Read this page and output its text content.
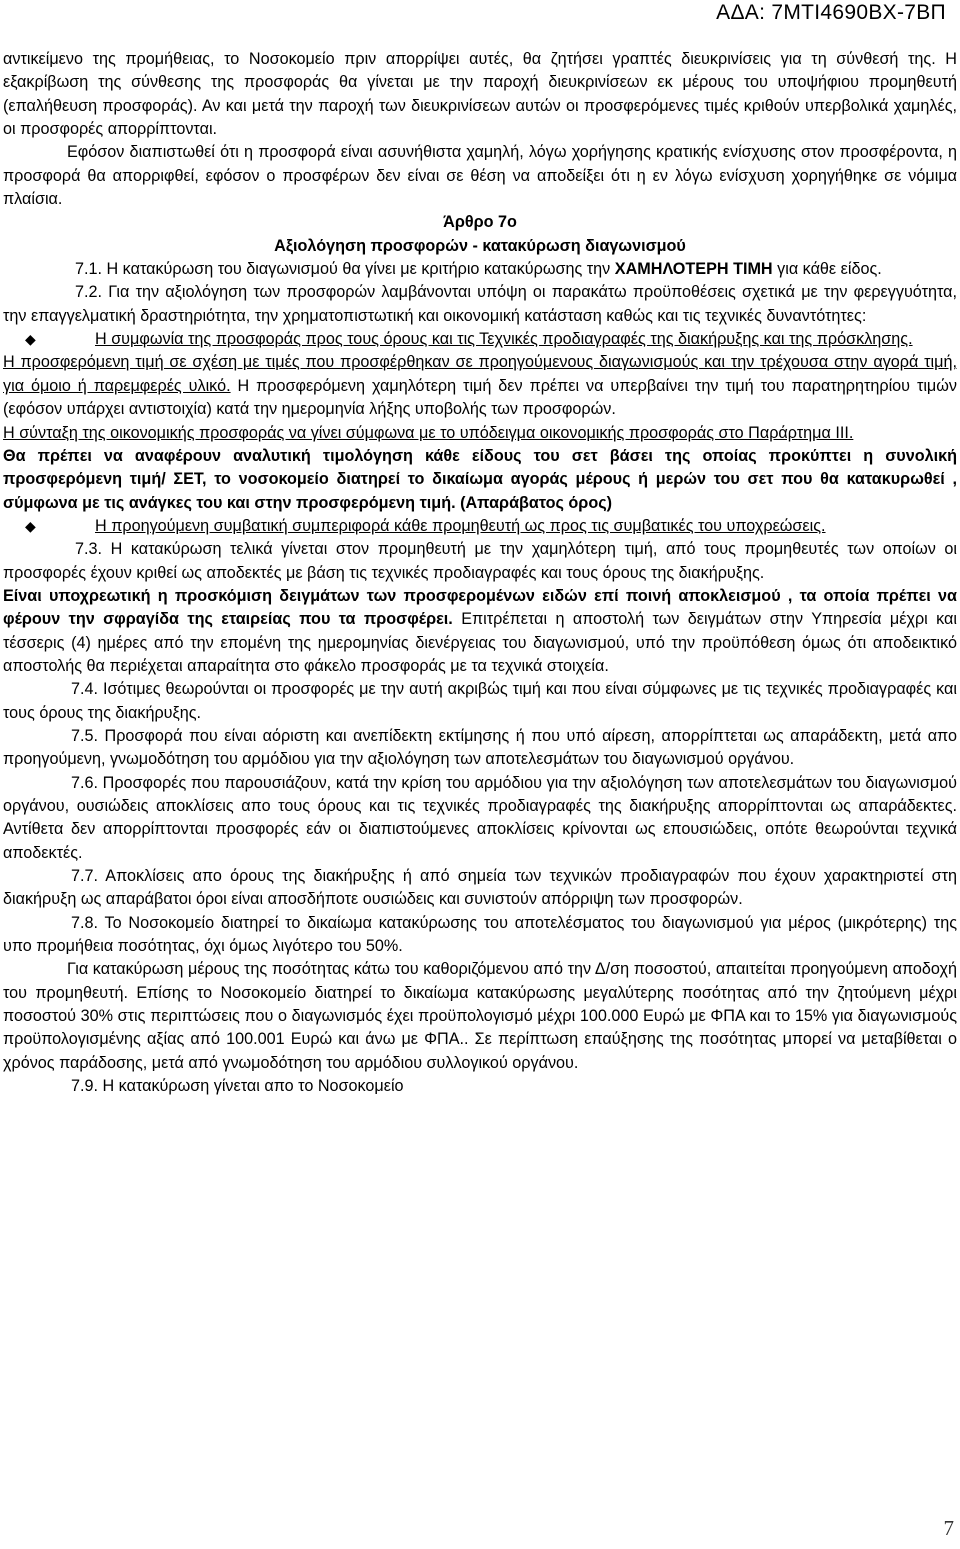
ΑΔΑ: 7ΜΤΙ4690ΒΧ-7ΒΠ

αντικείμενο της προμήθειας, το Νοσοκομείο πριν απορρίψει αυτές, θα ζητήσει γραπτές διευκρινίσεις για τη σύνθεσή της. Η εξακρίβωση της σύνθεσης της προσφοράς θα γίνεται με την παροχή διευκρινίσεων εκ μέρους του υποψήφιου προμηθευτή (επαλήθευση προσφοράς). Αν και μετά την παροχή των διευκρινίσεων αυτών οι προσφερόμενες τιμές κριθούν υπερβολικά χαμηλές, οι προσφορές απορρίπτονται.

Εφόσον διαπιστωθεί ότι η προσφορά είναι ασυνήθιστα χαμηλή, λόγω χορήγησης κρατικής ενίσχυσης στον προσφέροντα, η προσφορά θα απορριφθεί, εφόσον ο προσφέρων δεν είναι σε θέση να αποδείξει ότι η εν λόγω ενίσχυση χορηγήθηκε σε νόμιμα πλαίσια.

Άρθρο 7ο

Αξιολόγηση προσφορών - κατακύρωση διαγωνισμού

7.1. Η κατακύρωση του διαγωνισμού θα γίνει με κριτήριο κατακύρωσης την ΧΑΜΗΛΟΤΕΡΗ ΤΙΜΗ για κάθε είδος.

7.2. Για την αξιολόγηση των προσφορών λαμβάνονται υπόψη οι παρακάτω προϋποθέσεις σχετικά με την φερεγγυότητα, την επαγγελματική δραστηριότητα, την χρηματοπιστωτική και οικονομική κατάσταση καθώς και τις τεχνικές δυναντότητες:

◆	Η συμφωνία της προσφοράς προς τους όρους και τις Τεχνικές προδιαγραφές της διακήρυξης και της πρόσκλησης.

Η προσφερόμενη τιμή σε σχέση με τιμές που προσφέρθηκαν σε προηγούμενους διαγωνισμούς και την τρέχουσα στην αγορά τιμή, για όμοιο ή παρεμφερές υλικό. Η προσφερόμενη χαμηλότερη τιμή δεν πρέπει να υπερβαίνει την τιμή του παρατηρητηρίου τιμών (εφόσον υπάρχει αντιστοιχία) κατά την ημερομηνία λήξης υποβολής των προσφορών.

Η σύνταξη της οικονομικής προσφοράς να γίνει σύμφωνα με το υπόδειγμα οικονομικής προσφοράς στο Παράρτημα ΙΙΙ.

Θα πρέπει να αναφέρουν αναλυτική τιμολόγηση κάθε είδους του σετ βάσει της οποίας προκύπτει η συνολική προσφερόμενη τιμή/ ΣΕΤ, το νοσοκομείο διατηρεί το δικαίωμα αγοράς μέρους ή μερών του σετ που θα κατακυρωθεί , σύμφωνα με τις ανάγκες του και στην προσφερόμενη τιμή. (Απαράβατος όρος)

◆	Η προηγούμενη συμβατική συμπεριφορά κάθε προμηθευτή ως προς τις συμβατικές του υποχρεώσεις.

7.3. Η κατακύρωση τελικά γίνεται στον προμηθευτή με την χαμηλότερη τιμή, από τους προμηθευτές των οποίων οι προσφορές έχουν κριθεί ως αποδεκτές με βάση τις τεχνικές προδιαγραφές και τους όρους της διακήρυξης.

Είναι υποχρεωτική η προσκόμιση δειγμάτων των προσφερομένων ειδών επί ποινή αποκλεισμού , τα οποία πρέπει να φέρουν την σφραγίδα της εταιρείας που τα προσφέρει. Επιτρέπεται η αποστολή των δειγμάτων στην Υπηρεσία μέχρι και τέσσερις (4) ημέρες από την επομένη της ημερομηνίας διενέργειας του διαγωνισμού, υπό την προϋπόθεση όμως ότι αποδεικτικό αποστολής θα περιέχεται απαραίτητα στο φάκελο προσφοράς με τα τεχνικά στοιχεία.

7.4. Ισότιμες θεωρούνται οι προσφορές με την αυτή ακριβώς τιμή και που είναι σύμφωνες με τις τεχνικές προδιαγραφές και τους όρους της διακήρυξης.

7.5. Προσφορά που είναι αόριστη και ανεπίδεκτη εκτίμησης ή που υπό αίρεση, απορρίπτεται ως απαράδεκτη, μετά απο προηγούμενη, γνωμοδότηση του αρμόδιου για την αξιολόγηση των αποτελεσμάτων του διαγωνισμού οργάνου.

7.6. Προσφορές που παρουσιάζουν, κατά την κρίση του αρμόδιου για την αξιολόγηση των αποτελεσμάτων του διαγωνισμού οργάνου, ουσιώδεις αποκλίσεις απο τους όρους και τις τεχνικές προδιαγραφές της διακήρυξης απορρίπτονται ως απαράδεκτες. Αντίθετα δεν απορρίπτονται προσφορές εάν οι διαπιστούμενες αποκλίσεις κρίνονται ως επουσιώδεις, οπότε θεωρούνται τεχνικά αποδεκτές.

7.7. Αποκλίσεις απο όρους της διακήρυξης ή από σημεία των τεχνικών προδιαγραφών που έχουν χαρακτηριστεί στη διακήρυξη ως απαράβατοι όροι είναι αποσδήποτε ουσιώδεις και συνιστούν απόρριψη των προσφορών.

7.8. Το Νοσοκομείο διατηρεί το δικαίωμα κατακύρωσης του αποτελέσματος του διαγωνισμού για μέρος (μικρότερης) της υπο προμήθεια ποσότητας, όχι όμως λιγότερο του 50%.

Για κατακύρωση μέρους της ποσότητας κάτω του καθοριζόμενου από την Δ/ση ποσοστού, απαιτείται προηγούμενη αποδοχή του προμηθευτή. Επίσης το Νοσοκομείο διατηρεί το δικαίωμα κατακύρωσης μεγαλύτερης ποσότητας από την ζητούμενη μέχρι ποσοστού 30% στις περιπτώσεις που ο διαγωνισμός έχει προϋπολογισμό μέχρι 100.000 Ευρώ με ΦΠΑ και το 15% για διαγωνισμούς προϋπολογισμένης αξίας από 100.001 Ευρώ και άνω με ΦΠΑ.. Σε περίπτωση επαύξησης της ποσότητας μπορεί να μεταβίθεται ο χρόνος παράδοσης, μετά από γνωμοδότηση του αρμόδιου συλλογικού οργάνου.

7.9. Η κατακύρωση γίνεται απο το Νοσοκομείο

7
